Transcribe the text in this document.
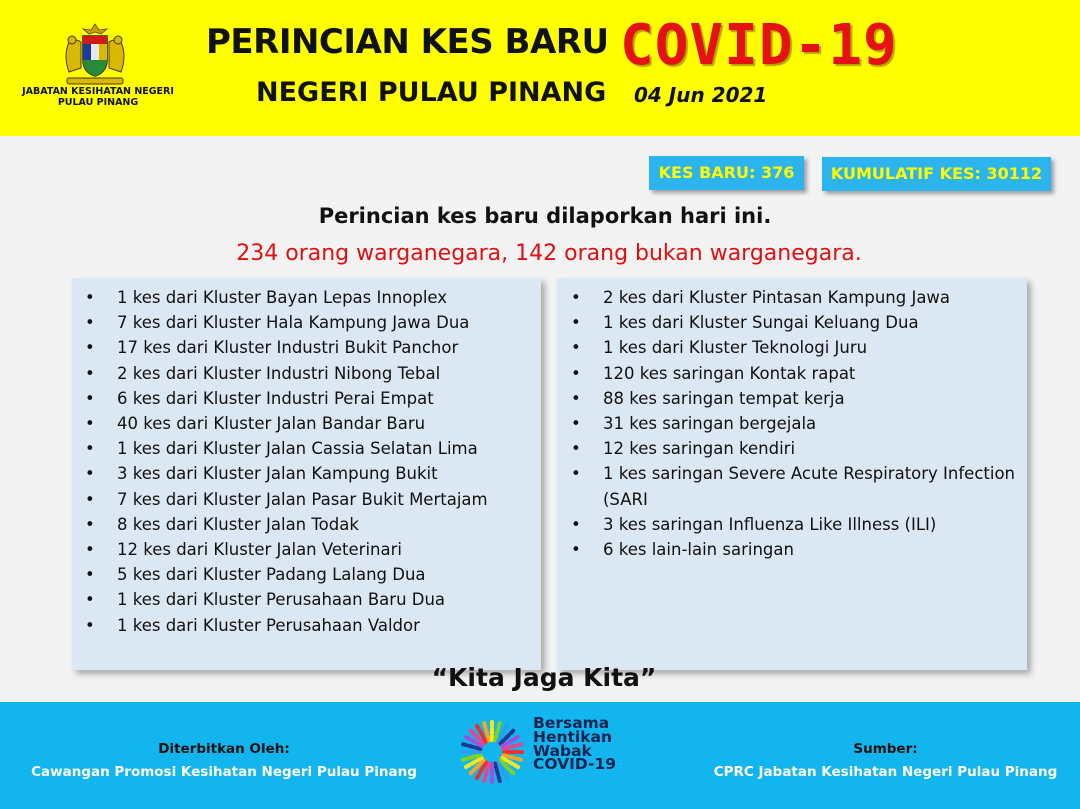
JABATAN KESIHATAN NEGERI
PULAU PINANG
PERINCIAN KES BARU COVID-19
NEGERI PULAU PINANG 04 Jun 2021
KES BARU: 376	KUMULATIF KES: 30112
Perincian kes baru dilaporkan hari ini.
234 orang warganegara, 142 orang bukan warganegara.
• 1 kes dari Kluster Bayan Lepas Innoplex
• 7 kes dari Kluster Hala Kampung Jawa Dua
• 17 kes dari Kluster Industri Bukit Panchor
• 2 kes dari Kluster Industri Nibong Tebal
• 6 kes dari Kluster Industri Perai Empat
• 40 kes dari Kluster Jalan Bandar Baru
• 1 kes dari Kluster Jalan Cassia Selatan Lima
• 3 kes dari Kluster Jalan Kampung Bukit
• 7 kes dari Kluster Jalan Pasar Bukit Mertajam
• 8 kes dari Kluster Jalan Todak
• 12 kes dari Kluster Jalan Veterinari
• 5 kes dari Kluster Padang Lalang Dua
• 1 kes dari Kluster Perusahaan Baru Dua
• 1 kes dari Kluster Perusahaan Valdor
• 2 kes dari Kluster Pintasan Kampung Jawa
• 1 kes dari Kluster Sungai Keluang Dua
• 1 kes dari Kluster Teknologi Juru
• 120 kes saringan Kontak rapat
• 88 kes saringan tempat kerja
• 31 kes saringan bergejala
• 12 kes saringan kendiri
• 1 kes saringan Severe Acute Respiratory Infection (SARI
• 3 kes saringan Influenza Like Illness (ILI)
• 6 kes lain-lain saringan
“Kita Jaga Kita”
Diterbitkan Oleh:
Cawangan Promosi Kesihatan Negeri Pulau Pinang
Sumber:
CPRC Jabatan Kesihatan Negeri Pulau Pinang
Bersama
Hentikan
Wabak
COVID-19
